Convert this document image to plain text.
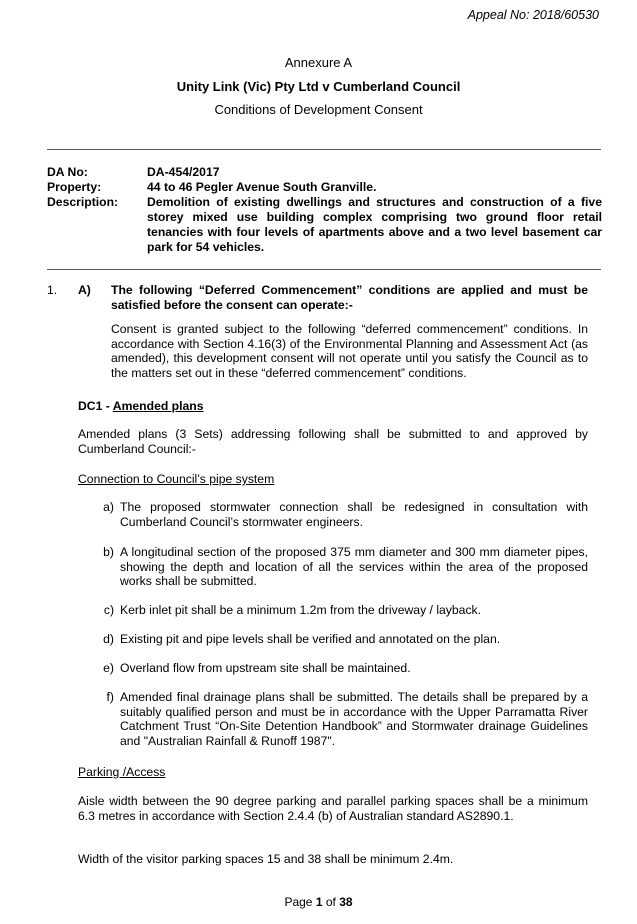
Appeal No: 2018/60530
Annexure A
Unity Link (Vic) Pty Ltd v Cumberland Council
Conditions of Development Consent
DA No:	DA-454/2017
Property:	44 to 46 Pegler Avenue South Granville.
Description: Demolition of existing dwellings and structures and construction of a five storey mixed use building complex comprising two ground floor retail tenancies with four levels of apartments above and a two level basement car park for 54 vehicles.
1. A) The following “Deferred Commencement” conditions are applied and must be satisfied before the consent can operate:-
Consent is granted subject to the following “deferred commencement” conditions. In accordance with Section 4.16(3) of the Environmental Planning and Assessment Act (as amended), this development consent will not operate until you satisfy the Council as to the matters set out in these “deferred commencement” conditions.
DC1 - Amended plans
Amended plans (3 Sets) addressing following shall be submitted to and approved by Cumberland Council:-
Connection to Council’s pipe system
a) The proposed stormwater connection shall be redesigned in consultation with Cumberland Council’s stormwater engineers.
b) A longitudinal section of the proposed 375 mm diameter and 300 mm diameter pipes, showing the depth and location of all the services within the area of the proposed works shall be submitted.
c) Kerb inlet pit shall be a minimum 1.2m from the driveway / layback.
d) Existing pit and pipe levels shall be verified and annotated on the plan.
e) Overland flow from upstream site shall be maintained.
f) Amended final drainage plans shall be submitted. The details shall be prepared by a suitably qualified person and must be in accordance with the Upper Parramatta River Catchment Trust “On-Site Detention Handbook” and Stormwater drainage Guidelines and "Australian Rainfall & Runoff 1987".
Parking /Access
Aisle width between the 90 degree parking and parallel parking spaces shall be a minimum 6.3 metres in accordance with Section 2.4.4 (b) of Australian standard AS2890.1.
Width of the visitor parking spaces 15 and 38 shall be minimum 2.4m.
Page 1 of 38
